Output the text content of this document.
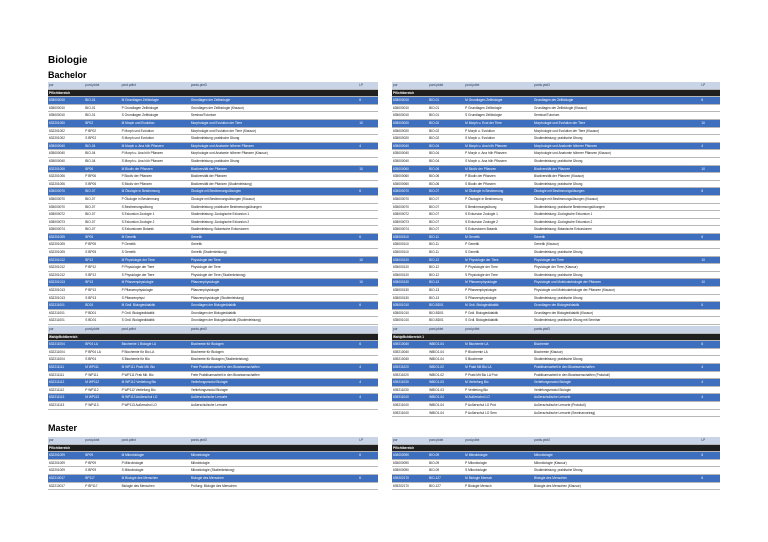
Biologie
Bachelor
Master
por	pord.pktxt	pord.pdtxt	pords.ptxt3	LP
Pflichtbereich				
635000010	BIO-01	M Grundlagen Zellbiologie	Grundlagen der Zellbiologie	6
635000010	BIO-01	P Grundlagen Zellbiologie	Grundlagen der Zellbiologie (Klausur)	
635000010	BIO-01	S Grundlagen Zellbiologie	Seminar/Tutorium	
632201000	BP02	M Morph und Evolution	Morphologie und Evolution der Tiere	10
632201002	P BP02	P Morph und Evolution	Morphologie und Evolution der Tiere (Klausur)	
632201002	S BP02	S Morph und Evolution	Studienleistung: praktische Übung	
635000040	BIO-04	M Morph u. Ana höh Pflanzen	Morphologie und Anatomie höherer Pflanzen	4
635000040	BIO-04	P Morph u. Ana höh Pflanzen	Morphologie und Anatomie höherer Pflanzen (Klausur)	
635000040	BIO-04	S Morph u. Ana höh Pflanzen	Studienleistung: praktische Übung	
632201006	BP06	M Biodiv der Pflanzen	Biodiversität der Pflanzen	10
632201006	P BP06	P Biodiv der Pflanzen	Biodiversität der Pflanzen	
632201006	S BP06	S Biodiv der Pflanzen	Biodiversität der Pflanzen (Studienleistung)	
635000070	BIO-07	M Ökologie in Bestimmung	Ökologie mit Bestimmungsübungen	6
635000070	BIO-07	P Ökologie in Bestimmung	Ökologie mit Bestimmungsübungen (Klausur)	
635000070	BIO-07	S Bestimmungsübung	Studienleistung: praktische Bestimmungsübungen	
635000072	BIO-07	S Exkursion Zoologie 1	Studienleistung: Zoologische Exkursion 1	
635000073	BIO-07	S Exkursion Zoologie 2	Studienleistung: Zoologische Exkursion 2	
635000074	BIO-07	S Exkursionen Botanik	Studienleistung: Botanische Exkursionen	
632201005	BP05	M Genetik	Genetik	6
632201005	P BP05	P Genetik	Genetik	
632201005	S BP05	S Genetik	Genetik (Studienleistung)	
632201012	BP12	M Physiologie der Tiere	Physiologie der Tiere	10
632201012	P BP12	P Physiologie der Tiere	Physiologie der Tiere	
632201012	S BP12	S Physiologie der Tiere	Physiologie der Tiere (Studienleistung)	
632201013	BP13	M Pflanzenphysiologie	Pflanzenphysiologie	10
632201013	P BP13	P Pflanzenphysiologie	Pflanzenphysiologie	
632201013	S BP13	S Pflanzenphysi	Pflanzenphysiologie (Studienleistung)	
632211001	BD01	M Grdl. Biologiedidaktik	Grundlagen der Biologiedidaktik	6
632211001	P BD01	P Grdl. Biologiedidaktik	Grundlagen der Biologiedidaktik	
632211001	S BD01	S Grdl. Biologiedidaktik	Grundlagen der Biologiedidaktik (Studienleistung)	
por	pord.pktxt	pord.pdtxt	pords.ptxt3	LP
Pflichtbereich				
635000010	BIO-01	M Grundlagen Zellbiologie	Grundlagen der Zellbiologie	6
635000010	BIO-01	P Grundlagen Zellbiologie	Grundlagen der Zellbiologie (Klausur)	
635000010	BIO-01	S Grundlagen Zellbiologie	Seminar/Tutorium	
635000020	BIO-02	M Morph u. Evol der Tiere	Morphologie und Evolution der Tiere	10
635000020	BIO-02	P Morph u. Evolution	Morphologie und Evolution der Tiere (Klausur)	
635000020	BIO-02	S Morph u. Evolution	Studienleistung: praktische Übung	
635000040	BIO-04	M Morph u. Ana höh Pflanzen	Morphologie und Anatomie höherer Pflanzen	4
635000040	BIO-04	P Morph u. Ana höh Pflanzen	Morphologie und Anatomie höherer Pflanzen (Klausur)	
635000040	BIO-04	S Morph u. Ana höh Pflanzen	Studienleistung: praktische Übung	
635000060	BIO-06	M Biodiv der Pflanzen	Biodiversität der Pflanzen	10
635000060	BIO-06	P Biodiv der Pflanzen	Biodiversität der Pflanzen (Klausur)	
635000060	BIO-06	S Biodiv der Pflanzen	Studienleistung: praktische Übung	
635000070	BIO-07	M Ökologie in Bestimmung	Ökologie mit Bestimmungsübungen	6
635000070	BIO-07	P Ökologie in Bestimmung	Ökologie mit Bestimmungsübungen (Klausur)	
635000070	BIO-07	S Bestimmungsübung	Studienleistung: praktische Bestimmungsübungen	
635000072	BIO-07	S Exkursion Zoologie 1	Studienleistung: Zoologische Exkursion 1	
635000073	BIO-07	S Exkursion Zoologie 2	Studienleistung: Zoologische Exkursion 2	
635000074	BIO-07	S Exkursionen Botanik	Studienleistung: Botanische Exkursionen	
635000110	BIO-11	M Genetik	Genetik	6
635000110	BIO-11	P Genetik	Genetik (Klausur)	
635000110	BIO-11	S Genetik	Studienleistung: praktische Übung	
635000120	BIO-12	M Physiologie der Tiere	Physiologie der Tiere	10
635000120	BIO-12	P Physiologie der Tiere	Physiologie der Tiere (Klausur)	
635000120	BIO-12	S Physiologie der Tiere	Studienleistung: praktische Übung	
635000130	BIO-13	M Pflanzenphysiologie	Physiologie und Molekularbiologie der Pflanzen	10
635000130	BIO-13	P Pflanzenphysiologie	Physiologie und Molekularbiologie der Pflanzen (Klausur)	
635000130	BIO-13	S Pflanzenphysiologie	Studienleistung: praktische Übung	
635001010	BIO-BD01	M Grdl. Biologiedidaktik	Grundlagen der Biologiedidaktik	6
635001010	BIO-BD01	P Grdl. Biologiedidaktik	Grundlagen der Biologiedidaktik (Klausur)	
635001010	BIO-BD01	S Grdl. Biologiedidaktik	Studienleistung: praktische Übung mit Seminar	
por	pord.pktxt	pord.pdtxt	pords.ptxt3	
Wahlpflichtbereich				
632211004	BP04 LA	Biochemie 1 Biologie LA	Biochemie für Biologen	6
632211004	P BP04 LA	P Biochemie für Bio LA	Biochemie für Biologen	
632211004	S BP04	S Biochemie für Bio	Biochemie für Biologen (Studienleistung)	
632211111	M WP111	M WP111 Prakt Mit. Bio	Freie Praktikumsarbeit in den Biowissenschaften	4
632211111	P WP111	P WP111 Prak Mit. Bio	Freie Praktikumsarbeit in den Biowissenschaften	
632211112	M WP112	M WP112 Vertiefung Bio	Vertiefungsmodul Biologie	4
632211112	P WP112	P WP112 Vertiefung Bio	Vertiefungsmodul Biologie	
632211113	M WP113	M WP113 Außerschul LO	Außerschulische Lernorte	4
632211113	P WP113	P WP113 Außerschul LO	Außerschulische Lernorte	
por	pord.pktxt	pord.pdtxt	pords.ptxt3	
Wahlpflichtbereich 1				
639210040	WBIO1-04	M Biochemie LA	Biochemie	6
639210040	WBIO1-04	P Biochemie LA	Biochemie (Klausur)	
639210040	WBIO1-04	S Biochemie	Studienleistung: praktische Übung	
639211020	WBIO1-02	M Prakt Mit Bio LA	Praktikumsarbeit in den Biowissenschaften	4
639211020	WBIO1-02	P Prakt Mit Bio LA Prot	Praktikumsarbeit in den Biowissenschaften (Protokoll)	
639211030	WBIO1-03	M Vertiefung Bio	Vertiefungsmodul Biologie	4
639211030	WBIO1-03	P Vertiefung Bio	Vertiefungsmodul Biologie	
639211040	WBIO1-04	M Außerschul LO	Außerschulische Lernorte	4
639211040	WBIO1-04	P Außerschul LO Prot	Außerschulische Lernorte (Protokoll)	
639211040	WBIO1-04	P Außerschul LO Sem	Außerschulische Lernorte (Seminarvortrag)	
por	pord.pktxt	pord.pdtxt	pords.ptxt3	LP
Pflichtbereich				
632201009	BP09	M Mikrobiologie	Mikrobiologie	6
632201009	P BP09	P Mikrobiologie	Mikrobiologie	
632201009	S BP09	S Mikrobiologie	Mikrobiologie (Studienleistung)	
632210017	BP117	M Biologie des Menschen	Biologie des Menschen	6
632210017	P BP117	Biologie des Menschen	Prüfung: Biologie des Menschen	
por	pord.pktxt	pord.pdtxt	pords.ptxt3	LP
Pflichtbereich				
635000090	BIO-09	M Mikrobiologie	Mikrobiologie	6
635000090	BIO-09	P Mikrobiologie	Mikrobiologie (Klausur)	
635000090	BIO-09	S Mikrobiologie	Studienleistung: praktische Übung	
639202170	BIO-127	M Biologie Mensch	Biologie des Menschen	6
639202170	BIO-127	P Biologie Mensch	Biologie des Menschen (Klausur)	
